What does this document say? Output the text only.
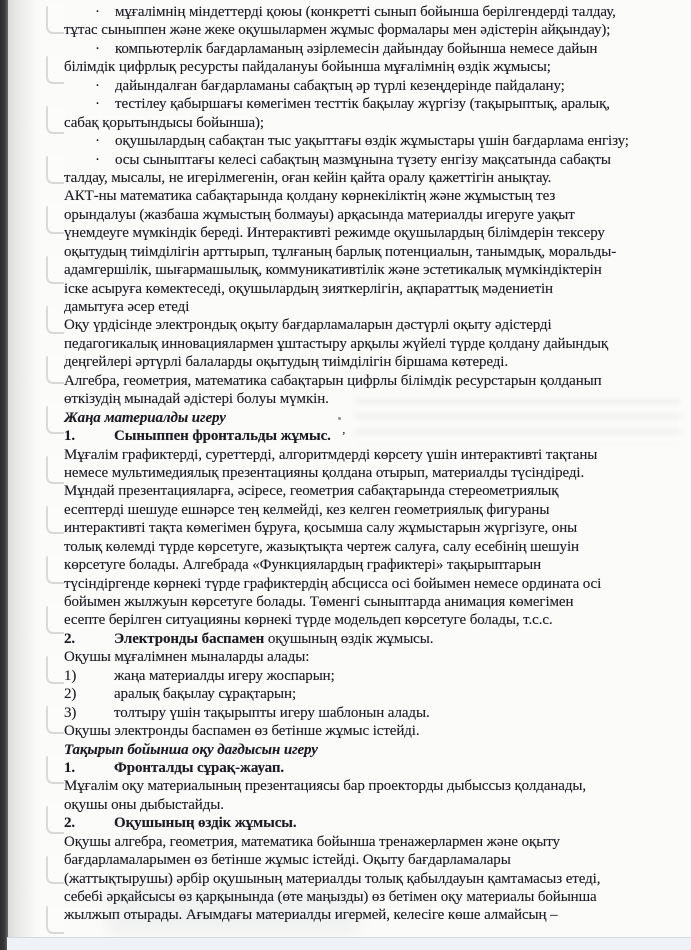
· мұғалімнің міндеттерді қоюы (конкретті сынып бойынша берілгендерді талдау,
тұтас сыныппен және жеке оқушылармен жұмыс формалары мен әдістерін айқындау);
· компьютерлік бағдарламаның әзірлемесін дайындау бойынша немесе дайын
білімдік цифрлық ресурсты пайдалануы бойынша мұғалімнің өздік жұмысы;
· дайындалған бағдарламаны сабақтың әр түрлі кезеңдерінде пайдалану;
· тестілеу қабыршағы көмегімен тесттік бақылау жүргізу (тақырыптық, аралық,
сабақ қорытындысы бойынша);
· оқушылардың сабақтан тыс уақыттағы өздік жұмыстары үшін бағдарлама енгізу;
· осы сыныптағы келесі сабақтың мазмұнына түзету енгізу мақсатында сабақты
талдау, мысалы, не игерілмегенін, оған кейін қайта оралу қажеттігін анықтау.
АКТ-ны математика сабақтарында қолдану көрнекіліктің және жұмыстың тез
орындалуы (жазбаша жұмыстың болмауы) арқасында материалды игеруге уақыт
үнемдеуге мүмкіндік береді. Интерактивті режимде оқушылардың білімдерін тексеру
оқытудың тиімділігін арттырып, тұлғаның барлық потенциалын, танымдық, моральды-
адамгершілік, шығармашылық, коммуникативтілік және эстетикалық мүмкіндіктерін
іске асыруға көмектеседі, оқушылардың зияткерлігін, ақпараттық мәдениетін
дамытуға әсер етеді
Оқу үрдісінде электрондық оқыту бағдарламаларын дәстүрлі оқыту әдістерді
педагогикалық инновациялармен ұштастыру арқылы жүйелі түрде қолдану дайындық
деңгейлері әртүрлі балаларды оқытудың тиімділігін біршама көтереді.
Алгебра, геометрия, математика сабақтарын цифрлы білімдік ресурстарын қолданып
өткізудің мынадай әдістері болуы мүмкін.
Жаңа материалды игеру
1.	Сыныппен фронтальды жұмыс. ʼ
Мұғалім графиктерді, суреттерді, алгоритмдерді көрсету үшін интерактивті тақтаны
немесе мультимедиялық презентацияны қолдана отырып, материалды түсіндіреді.
Мұндай презентацияларға, әсіресе, геометрия сабақтарында стереометриялық
есептерді шешуде ешнәрсе тең келмейді, кез келген геометриялық фигураны
интерактивті тақта көмегімен бұруға, қосымша салу жұмыстарын жүргізуге, оны
толық көлемді түрде көрсетуге, жазықтықта чертеж салуға, салу есебінің шешуін
көрсетуге болады. Алгебрада «Функциялардың графиктері» тақырыптарын
түсіндіргенде көрнекі түрде графиктердің абсцисса осі бойымен немесе ордината осі
бойымен жылжуын көрсетуге болады. Төменгі сыныптарда анимация көмегімен
есепте берілген ситуацияны көрнекі түрде модельдеп көрсетуге болады, т.с.с.
2.	Электронды баспамен оқушының өздік жұмысы.
Оқушы мұғалімнен мыналарды алады:
1)	жаңа материалды игеру жоспарын;
2)	аралық бақылау сұрақтарын;
3)	толтыру үшін тақырыпты игеру шаблонын алады.
Оқушы электронды баспамен өз бетінше жұмыс істейді.
Тақырып бойынша оқу дағдысын игеру
1.	Фронталды сұрақ-жауап.
Мұғалім оқу материалының презентациясы бар проекторды дыбыссыз қолданады,
оқушы оны дыбыстайды.
2.	Оқушының өздік жұмысы.
Оқушы алгебра, геометрия, математика бойынша тренажерлармен және оқыту
бағдарламаларымен өз бетінше жұмыс істейді. Оқыту бағдарламалары
(жаттықтырушы) әрбір оқушының материалды толық қабылдауын қамтамасыз етеді,
себебі әрқайсысы өз қарқынында (өте маңызды) өз бетімен оқу материалы бойынша
жылжып отырады. Ағымдағы материалды игермей, келесіге көше алмайсың –
